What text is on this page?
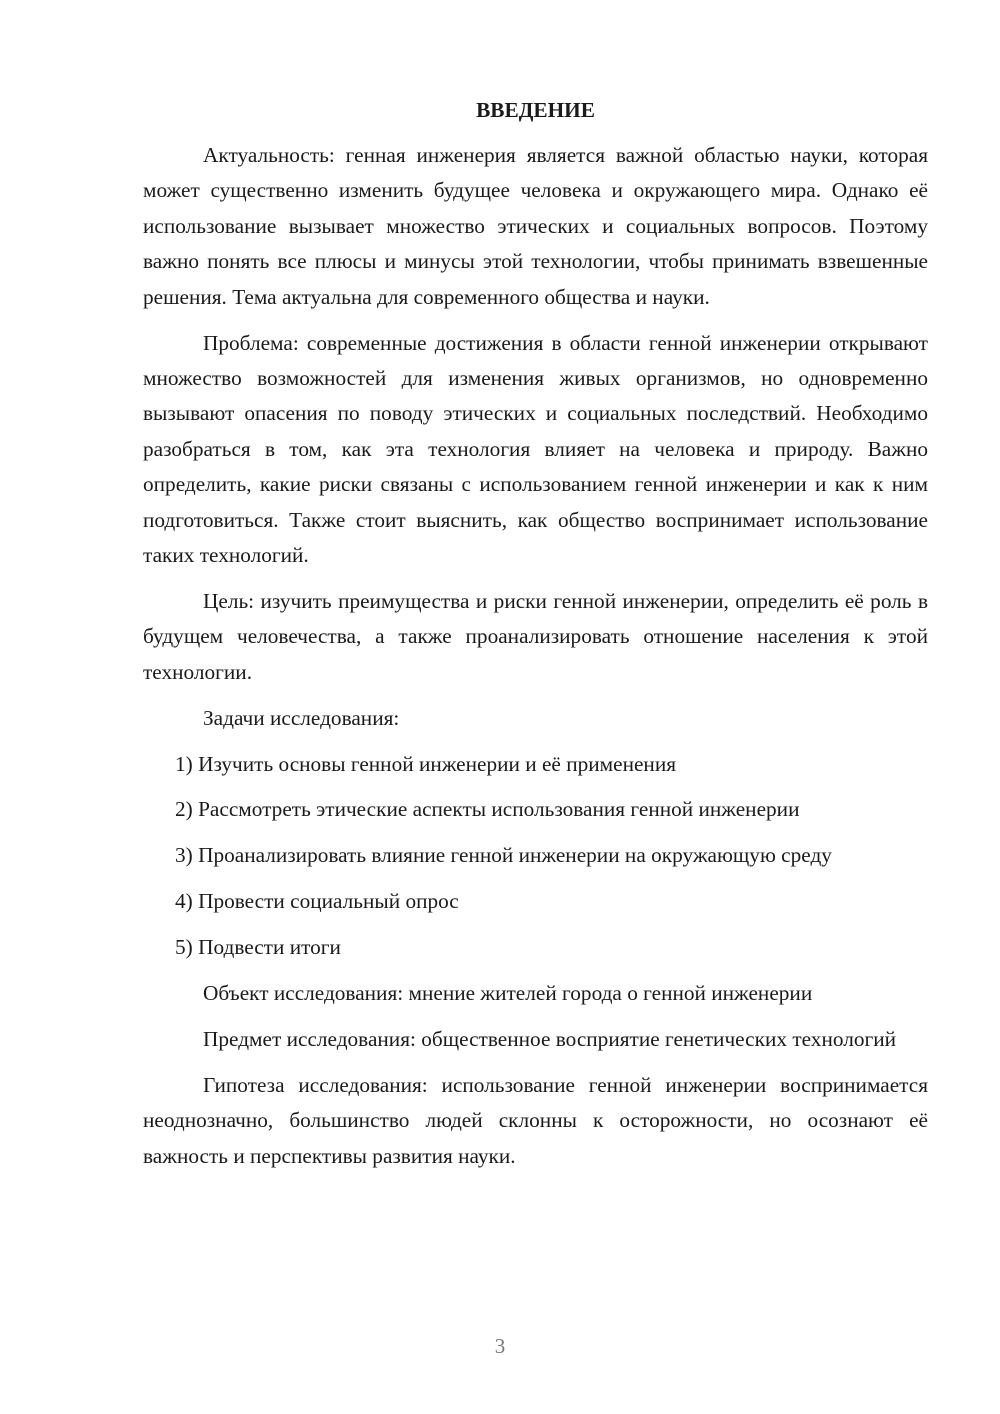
ВВЕДЕНИЕ

Актуальность: генная инженерия является важной областью науки, которая может существенно изменить будущее человека и окружающего мира. Однако её использование вызывает множество этических и социальных вопросов. Поэтому важно понять все плюсы и минусы этой технологии, чтобы принимать взвешенные решения. Тема актуальна для современного общества и науки.

Проблема: современные достижения в области генной инженерии открывают множество возможностей для изменения живых организмов, но одновременно вызывают опасения по поводу этических и социальных последствий. Необходимо разобраться в том, как эта технология влияет на человека и природу. Важно определить, какие риски связаны с использованием генной инженерии и как к ним подготовиться. Также стоит выяснить, как общество воспринимает использование таких технологий.

Цель: изучить преимущества и риски генной инженерии, определить её роль в будущем человечества, а также проанализировать отношение населения к этой технологии.

Задачи исследования:

1) Изучить основы генной инженерии и её применения

2) Рассмотреть этические аспекты использования генной инженерии

3) Проанализировать влияние генной инженерии на окружающую среду

4) Провести социальный опрос

5) Подвести итоги

Объект исследования: мнение жителей города о генной инженерии

Предмет исследования: общественное восприятие генетических технологий

Гипотеза исследования: использование генной инженерии воспринимается неоднозначно, большинство людей склонны к осторожности, но осознают её важность и перспективы развития науки.

3
